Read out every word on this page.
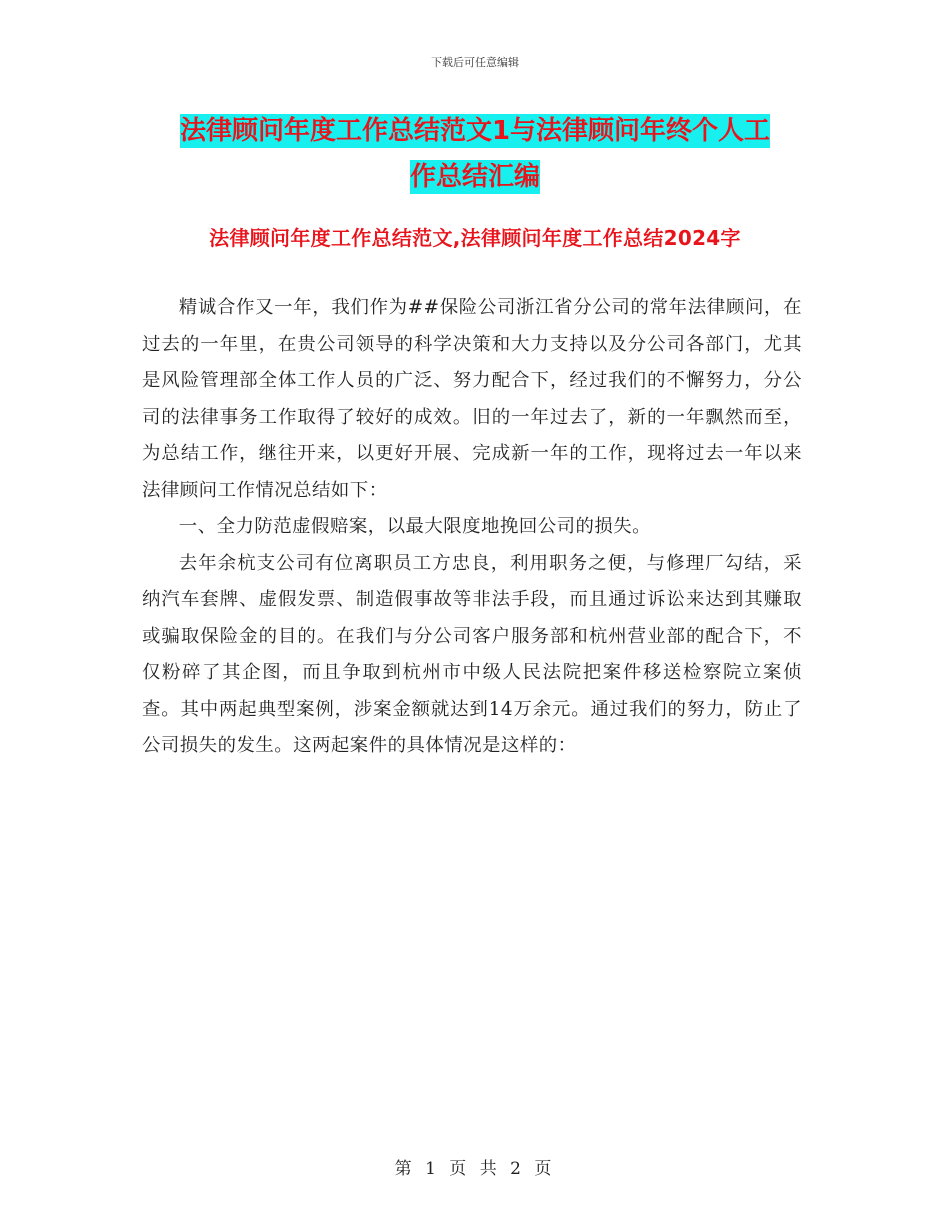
下载后可任意编辑
法律顾问年度工作总结范文1与法律顾问年终个人工
作总结汇编
法律顾问年度工作总结范文,法律顾问年度工作总结2024字

精诚合作又一年，我们作为##保险公司浙江省分公司的常年法律顾问，在过去的一年里，在贵公司领导的科学决策和大力支持以及分公司各部门，尤其是风险管理部全体工作人员的广泛、努力配合下，经过我们的不懈努力，分公司的法律事务工作取得了较好的成效。旧的一年过去了，新的一年飘然而至，为总结工作，继往开来，以更好开展、完成新一年的工作，现将过去一年以来法律顾问工作情况总结如下：

一、全力防范虚假赔案，以最大限度地挽回公司的损失。

去年余杭支公司有位离职员工方忠良，利用职务之便，与修理厂勾结，采纳汽车套牌、虚假发票、制造假事故等非法手段，而且通过诉讼来达到其赚取或骗取保险金的目的。在我们与分公司客户服务部和杭州营业部的配合下，不仅粉碎了其企图，而且争取到杭州市中级人民法院把案件移送检察院立案侦查。其中两起典型案例，涉案金额就达到14万余元。通过我们的努力，防止了公司损失的发生。这两起案件的具体情况是这样的：

第 1 页 共 2 页
